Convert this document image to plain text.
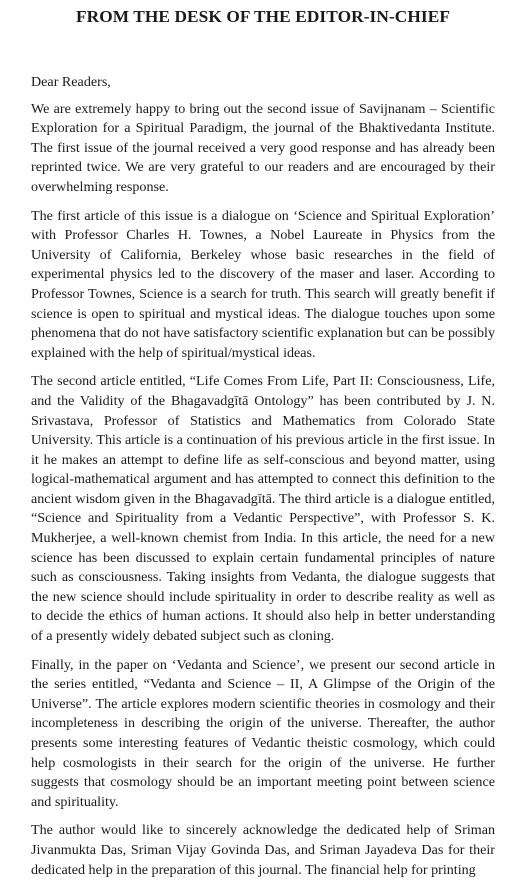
FROM THE DESK OF THE EDITOR-IN-CHIEF
Dear Readers,

We are extremely happy to bring out the second issue of Savijnanam – Scientific Exploration for a Spiritual Paradigm, the journal of the Bhaktivedanta Institute. The first issue of the journal received a very good response and has already been reprinted twice. We are very grateful to our readers and are encouraged by their overwhelming response.

The first article of this issue is a dialogue on ‘Science and Spiritual Exploration’ with Professor Charles H. Townes, a Nobel Laureate in Physics from the University of California, Berkeley whose basic researches in the field of experimental physics led to the discovery of the maser and laser. According to Professor Townes, Science is a search for truth. This search will greatly benefit if science is open to spiritual and mystical ideas. The dialogue touches upon some phenomena that do not have satisfactory scientific explanation but can be possibly explained with the help of spiritual/mystical ideas.

The second article entitled, “Life Comes From Life, Part II: Consciousness, Life, and the Validity of the Bhagavadgītā Ontology” has been contributed by J. N. Srivastava, Professor of Statistics and Mathematics from Colorado State University. This article is a continuation of his previous article in the first issue. In it he makes an attempt to define life as self-conscious and beyond matter, using logical-mathematical argument and has attempted to connect this definition to the ancient wisdom given in the Bhagavadgītā. The third article is a dialogue entitled, “Science and Spirituality from a Vedantic Perspective”, with Professor S. K. Mukherjee, a well-known chemist from India. In this article, the need for a new science has been discussed to explain certain fundamental principles of nature such as consciousness. Taking insights from Vedanta, the dialogue suggests that the new science should include spirituality in order to describe reality as well as to decide the ethics of human actions. It should also help in better understanding of a presently widely debated subject such as cloning.

Finally, in the paper on ‘Vedanta and Science’, we present our second article in the series entitled, “Vedanta and Science – II, A Glimpse of the Origin of the Universe”. The article explores modern scientific theories in cosmology and their incompleteness in describing the origin of the universe. Thereafter, the author presents some interesting features of Vedantic theistic cosmology, which could help cosmologists in their search for the origin of the universe. He further suggests that cosmology should be an important meeting point between science and spirituality.

The author would like to sincerely acknowledge the dedicated help of Sriman Jivanmukta Das, Sriman Vijay Govinda Das, and Sriman Jayadeva Das for their dedicated help in the preparation of this journal. The financial help for printing
